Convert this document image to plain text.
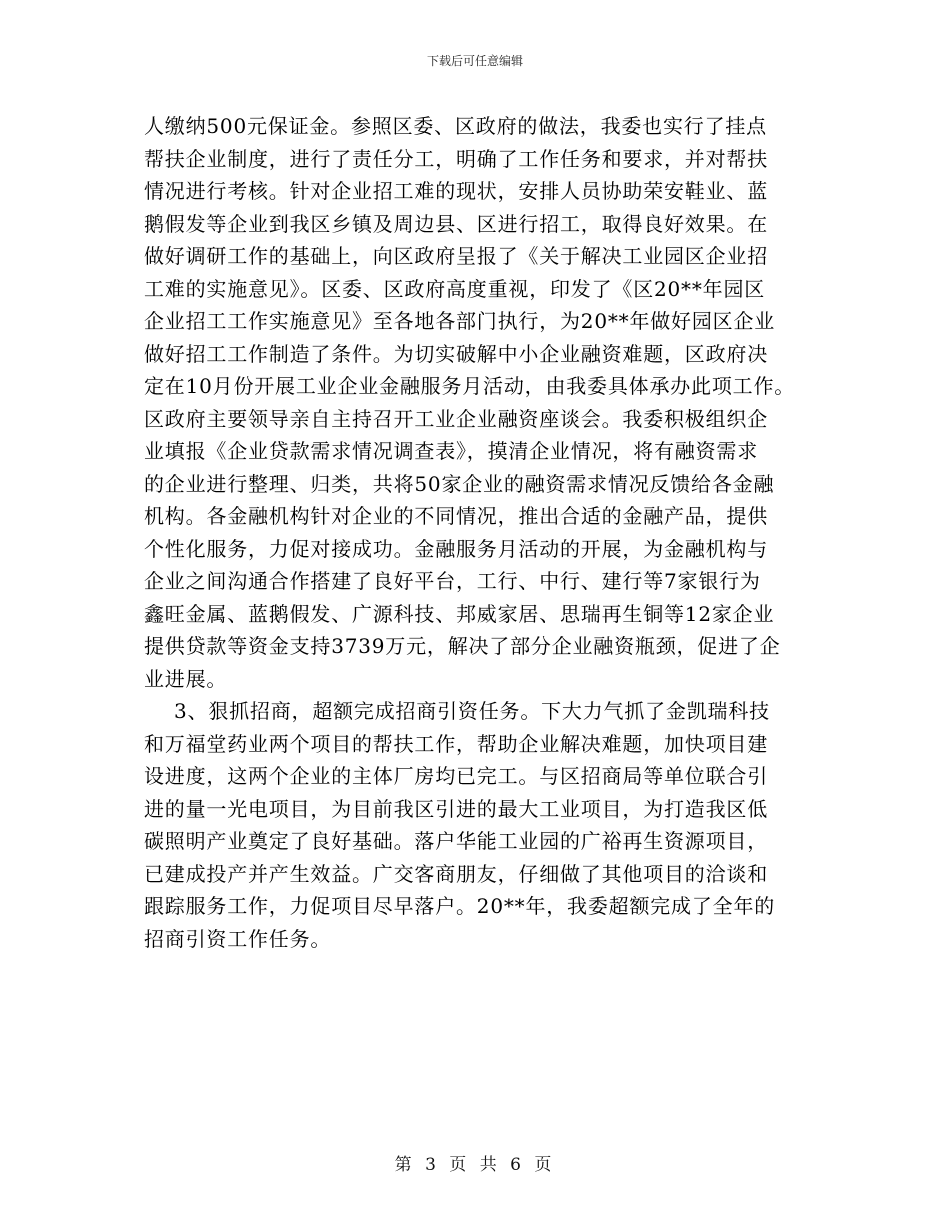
下载后可任意编辑
人缴纳500元保证金。参照区委、区政府的做法，我委也实行了挂点
帮扶企业制度，进行了责任分工，明确了工作任务和要求，并对帮扶
情况进行考核。针对企业招工难的现状，安排人员协助荣安鞋业、蓝
鹅假发等企业到我区乡镇及周边县、区进行招工，取得良好效果。在
做好调研工作的基础上，向区政府呈报了《关于解决工业园区企业招
工难的实施意见》。区委、区政府高度重视，印发了《区20**年园区
企业招工工作实施意见》至各地各部门执行，为20**年做好园区企业
做好招工工作制造了条件。为切实破解中小企业融资难题，区政府决
定在10月份开展工业企业金融服务月活动，由我委具体承办此项工作。
区政府主要领导亲自主持召开工业企业融资座谈会。我委积极组织企
业填报《企业贷款需求情况调查表》，摸清企业情况，将有融资需求
的企业进行整理、归类，共将50家企业的融资需求情况反馈给各金融
机构。各金融机构针对企业的不同情况，推出合适的金融产品，提供
个性化服务，力促对接成功。金融服务月活动的开展，为金融机构与
企业之间沟通合作搭建了良好平台，工行、中行、建行等7家银行为
鑫旺金属、蓝鹅假发、广源科技、邦威家居、思瑞再生铜等12家企业
提供贷款等资金支持3739万元，解决了部分企业融资瓶颈，促进了企
业进展。
3、狠抓招商，超额完成招商引资任务。下大力气抓了金凯瑞科技
和万福堂药业两个项目的帮扶工作，帮助企业解决难题，加快项目建
设进度，这两个企业的主体厂房均已完工。与区招商局等单位联合引
进的量一光电项目，为目前我区引进的最大工业项目，为打造我区低
碳照明产业奠定了良好基础。落户华能工业园的广裕再生资源项目，
已建成投产并产生效益。广交客商朋友，仔细做了其他项目的洽谈和
跟踪服务工作，力促项目尽早落户。20**年，我委超额完成了全年的
招商引资工作任务。
第 3 页 共 6 页
